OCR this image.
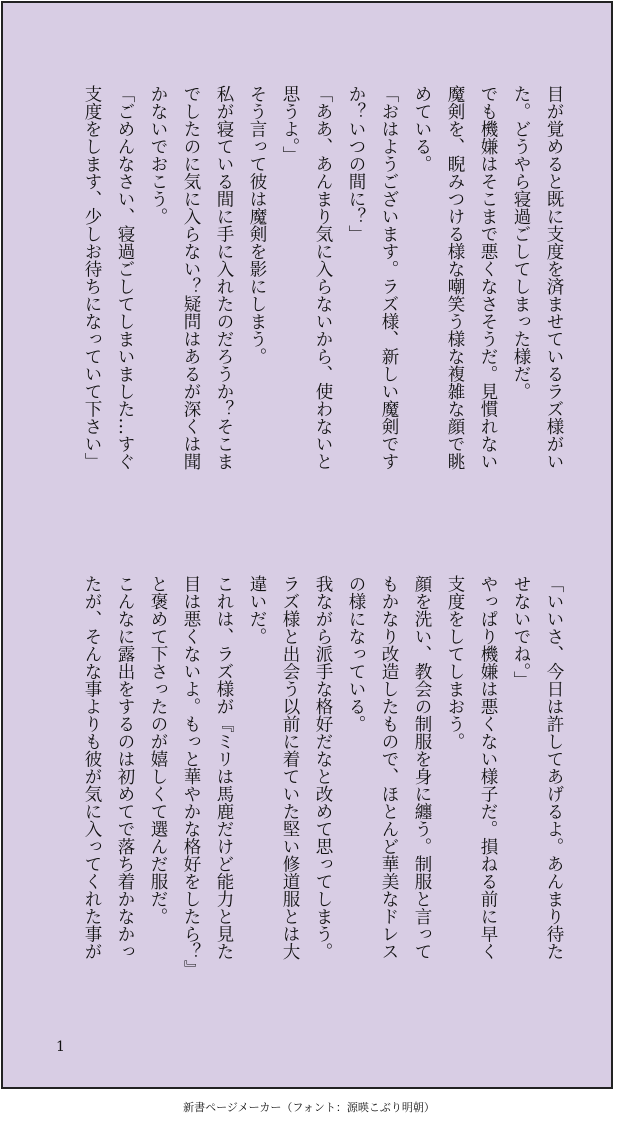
目が覚めると既に支度を済ませているラズ様がい
た。どうやら寝過ごしてしまった様だ。
でも機嫌はそこまで悪くなさそうだ。見慣れない
魔剣を、睨みつける様な嘲笑う様な複雑な顔で眺
めている。
「おはようございます。ラズ様、新しい魔剣です
か？いつの間に？」
「ああ、あんまり気に入らないから、使わないと
思うよ。」
そう言って彼は魔剣を影にしまう。
私が寝ている間に手に入れたのだろうか？そこま
でしたのに気に入らない？疑問はあるが深くは聞
かないでおこう。
「ごめんなさい、寝過ごしてしまいました…すぐ
支度をします、少しお待ちになっていて下さい」
「いいさ、今日は許してあげるよ。あんまり待た
せないでね。」
やっぱり機嫌は悪くない様子だ。損ねる前に早く
支度をしてしまおう。
顔を洗い、教会の制服を身に纏う。制服と言って
もかなり改造したもので、ほとんど華美なドレス
の様になっている。
我ながら派手な格好だなと改めて思ってしまう。
ラズ様と出会う以前に着ていた堅い修道服とは大
違いだ。
これは、ラズ様が『ミリは馬鹿だけど能力と見た
目は悪くないよ。もっと華やかな格好をしたら？』
と褒めて下さったのが嬉しくて選んだ服だ。
こんなに露出をするのは初めてで落ち着かなかっ
たが、そんな事よりも彼が気に入ってくれた事が
1
新書ページメーカー（フォント：源暎こぶり明朝）
